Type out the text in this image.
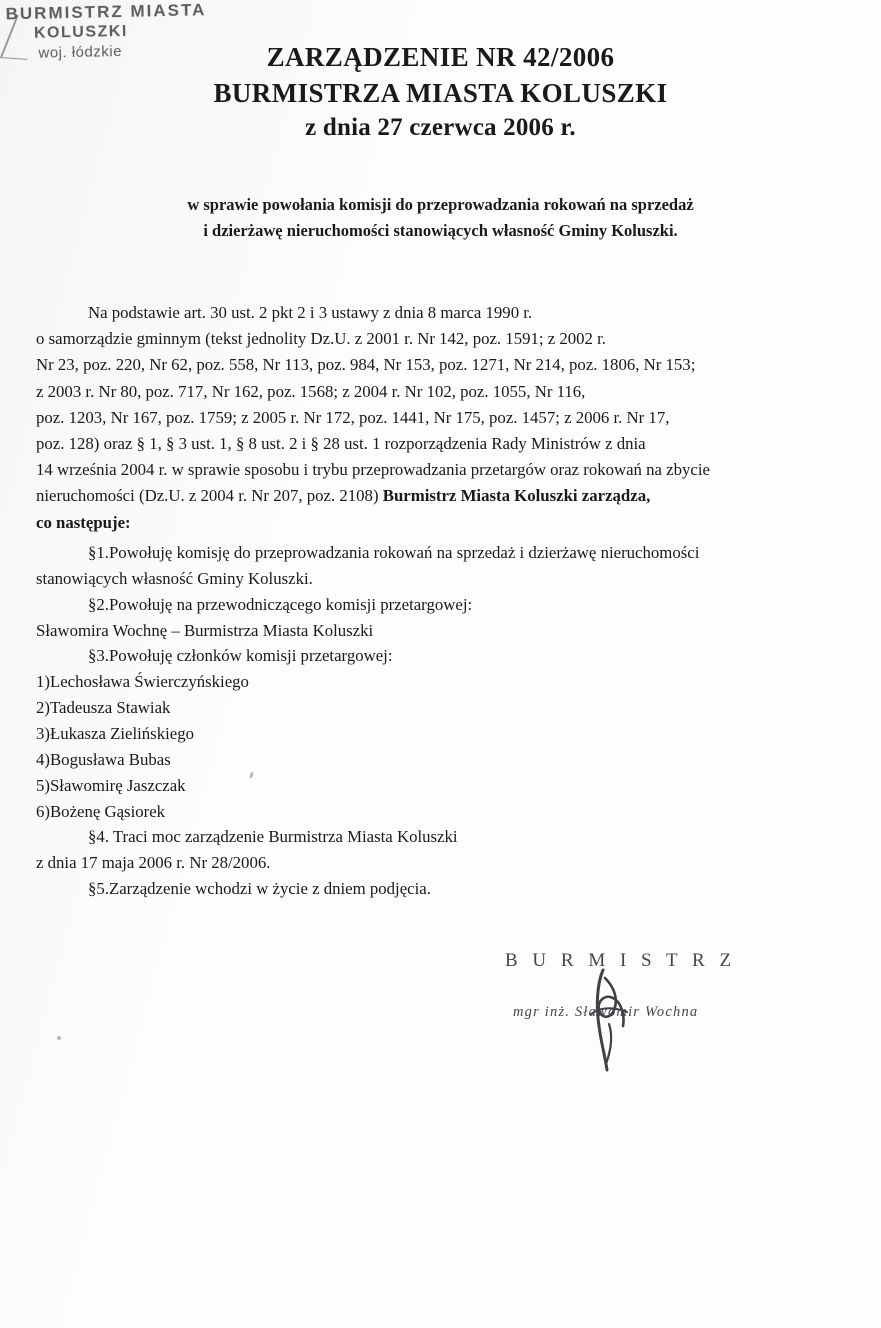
BURMISTRZ MIASTA
KOLUSZKI
woj. łódzkie	ZARZĄDZENIE NR 42/2006
BURMISTRZA MIASTA KOLUSZKI
z dnia 27 czerwca 2006 r.
w sprawie powołania komisji do przeprowadzania rokowań na sprzedaż
i dzierżawę nieruchomości stanowiących własność Gminy Koluszki.

Na podstawie art. 30 ust. 2 pkt 2 i 3 ustawy z dnia 8 marca 1990 r.

o samorządzie gminnym (tekst jednolity Dz.U. z 2001 r. Nr 142, poz. 1591; z 2002 r.

Nr 23, poz. 220, Nr 62, poz. 558, Nr 113, poz. 984, Nr 153, poz. 1271, Nr 214, poz. 1806, Nr 153;

z 2003 r. Nr 80, poz. 717, Nr 162, poz. 1568; z 2004 r. Nr 102, poz. 1055, Nr 116,

poz. 1203, Nr 167, poz. 1759; z 2005 r. Nr 172, poz. 1441, Nr 175, poz. 1457; z 2006 r. Nr 17,

poz. 128) oraz § 1, § 3 ust. 1, § 8 ust. 2 i § 28 ust. 1 rozporządzenia Rady Ministrów z dnia

14 września 2004 r. w sprawie sposobu i trybu przeprowadzania przetargów oraz rokowań na zbycie

nieruchomości (Dz.U. z 2004 r. Nr 207, poz. 2108) Burmistrz Miasta Koluszki zarządza,

co następuje:

§1.Powołuję komisję do przeprowadzania rokowań na sprzedaż i dzierżawę nieruchomości

stanowiących własność Gminy Koluszki.

§2.Powołuję na przewodniczącego komisji przetargowej:

Sławomira Wochnę – Burmistrza Miasta Koluszki

§3.Powołuję członków komisji przetargowej:

1)Lechosława Świerczyńskiego

2)Tadeusza Stawiak

3)Łukasza Zielińskiego

4)Bogusława Bubas

5)Sławomirę Jaszczak

6)Bożenę Gąsiorek

§4. Traci moc zarządzenie Burmistrza Miasta Koluszki

z dnia 17 maja 2006 r. Nr 28/2006.

§5.Zarządzenie wchodzi w życie z dniem podjęcia.

B U R M I S T R Z
mgr inż. Sławomir Wochna
